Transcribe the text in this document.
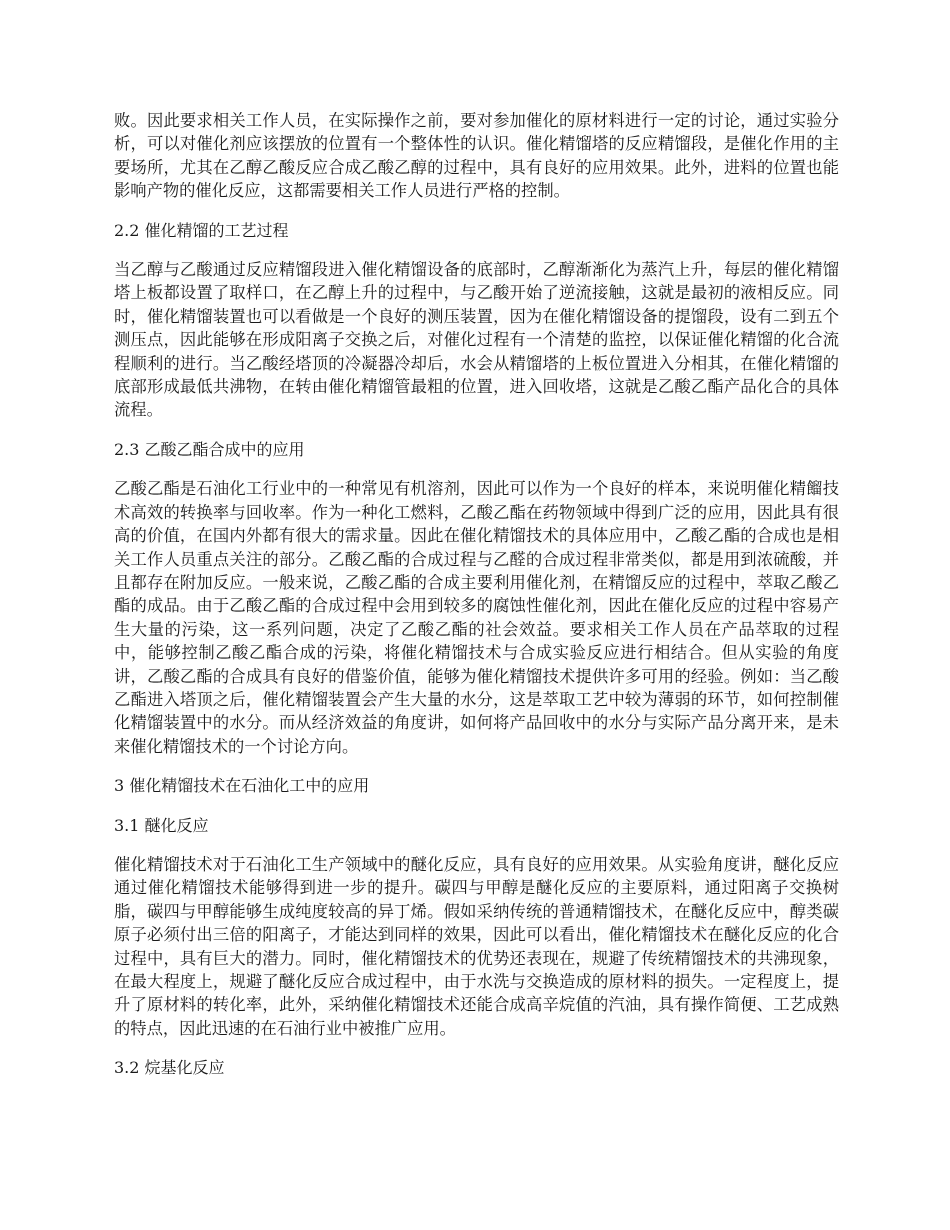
败。因此要求相关工作人员，在实际操作之前，要对参加催化的原材料进行一定的讨论，通过实验分析，可以对催化剂应该摆放的位置有一个整体性的认识。催化精馏塔的反应精馏段，是催化作用的主要场所，尤其在乙醇乙酸反应合成乙酸乙醇的过程中，具有良好的应用效果。此外，进料的位置也能影响产物的催化反应，这都需要相关工作人员进行严格的控制。

2.2 催化精馏的工艺过程

当乙醇与乙酸通过反应精馏段进入催化精馏设备的底部时，乙醇渐渐化为蒸汽上升，每层的催化精馏塔上板都设置了取样口，在乙醇上升的过程中，与乙酸开始了逆流接触，这就是最初的液相反应。同时，催化精馏装置也可以看做是一个良好的测压装置，因为在催化精馏设备的提馏段，设有二到五个测压点，因此能够在形成阳离子交换之后，对催化过程有一个清楚的监控，以保证催化精馏的化合流程顺利的进行。当乙酸经塔顶的冷凝器冷却后，水会从精馏塔的上板位置进入分相其，在催化精馏的底部形成最低共沸物，在转由催化精馏管最粗的位置，进入回收塔，这就是乙酸乙酯产品化合的具体流程。

2.3 乙酸乙酯合成中的应用

乙酸乙酯是石油化工行业中的一种常见有机溶剂，因此可以作为一个良好的样本，来说明催化精餾技术高效的转换率与回收率。作为一种化工燃料，乙酸乙酯在药物领域中得到广泛的应用，因此具有很高的价值，在国内外都有很大的需求量。因此在催化精馏技术的具体应用中，乙酸乙酯的合成也是相关工作人员重点关注的部分。乙酸乙酯的合成过程与乙醛的合成过程非常类似，都是用到浓硫酸，并且都存在附加反应。一般来说，乙酸乙酯的合成主要利用催化剂，在精馏反应的过程中，萃取乙酸乙酯的成品。由于乙酸乙酯的合成过程中会用到较多的腐蚀性催化剂，因此在催化反应的过程中容易产生大量的污染，这一系列问题，决定了乙酸乙酯的社会效益。要求相关工作人员在产品萃取的过程中，能够控制乙酸乙酯合成的污染，将催化精馏技术与合成实验反应进行相结合。但从实验的角度讲，乙酸乙酯的合成具有良好的借鉴价值，能够为催化精馏技术提供许多可用的经验。例如：当乙酸乙酯进入塔顶之后，催化精馏装置会产生大量的水分，这是萃取工艺中较为薄弱的环节，如何控制催化精馏装置中的水分。而从经济效益的角度讲，如何将产品回收中的水分与实际产品分离开来，是未来催化精馏技术的一个讨论方向。

3 催化精馏技术在石油化工中的应用
3.1 醚化反应

催化精馏技术对于石油化工生产领域中的醚化反应，具有良好的应用效果。从实验角度讲，醚化反应通过催化精馏技术能够得到进一步的提升。碳四与甲醇是醚化反应的主要原料，通过阳离子交换树脂，碳四与甲醇能够生成纯度较高的异丁烯。假如采纳传统的普通精馏技术，在醚化反应中，醇类碳原子必须付出三倍的阳离子，才能达到同样的效果，因此可以看出，催化精馏技术在醚化反应的化合过程中，具有巨大的潜力。同时，催化精馏技术的优势还表现在，规避了传统精馏技术的共沸现象，在最大程度上，规避了醚化反应合成过程中，由于水洗与交换造成的原材料的损失。一定程度上，提升了原材料的转化率，此外，采纳催化精馏技术还能合成高辛烷值的汽油，具有操作简便、工艺成熟的特点，因此迅速的在石油行业中被推广应用。

3.2 烷基化反应
